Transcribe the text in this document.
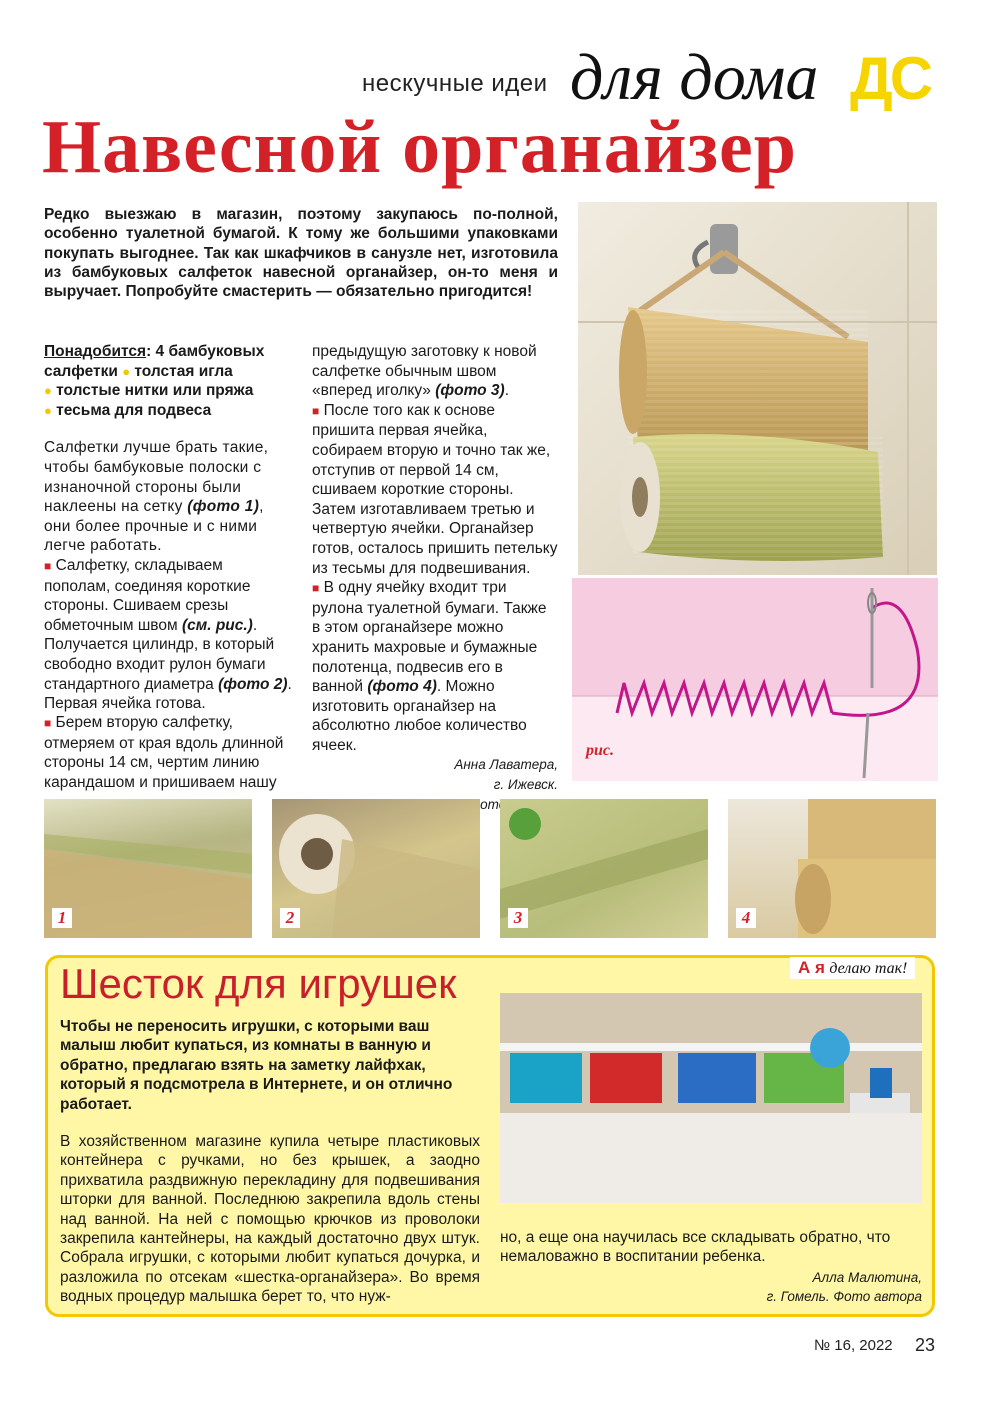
нескучные идеи для дома ДС
Навесной органайзер
Редко выезжаю в магазин, поэтому закупаюсь по-полной, особенно туалетной бумагой. К тому же большими упаковками покупать выгоднее. Так как шкафчиков в санузле нет, изготовила из бамбуковых салфеток навесной органайзер, он-то меня и выручает. Попробуйте смастерить — обязательно пригодится!

Понадобится: 4 бамбуковых салфетки ● толстая игла
● толстые нитки или пряжа
● тесьма для подвеса

Салфетки лучше брать такие, чтобы бамбуковые полоски с изнаночной стороны были наклеены на сетку (фото 1), они более прочные и с ними легче работать.

■ Салфетку, складываем пополам, соединяя короткие стороны. Сшиваем срезы обметочным швом (см. рис.). Получается цилиндр, в который свободно входит рулон бумаги стандартного диаметра (фото 2). Первая ячейка готова.

■ Берем вторую салфетку, отмеряем от края вдоль длинной стороны 14 см, чертим линию карандашом и пришиваем нашу

предыдущую заготовку к новой салфетке обычным швом «вперед иголку» (фото 3).

■ После того как к основе пришита первая ячейка, собираем вторую и точно так же, отступив от первой 14 см, сшиваем короткие стороны. Затем изготавливаем третью и четвертую ячейки. Органайзер готов, осталось пришить петельку из тесьмы для подвешивания.

■ В одну ячейку входит три рулона туалетной бумаги. Также в этом органайзере можно хранить махровые и бумажные полотенца, подвесив его в ванной (фото 4). Можно изготовить органайзер на абсолютно любое количество ячеек.

Анна Лаватера,
г. Ижевск.
Фото
рис.
1	2	3	4
А я делаю так!
Шесток для игрушек
Чтобы не переносить игрушки, с которыми ваш малыш любит купаться, из комнаты в ванную и обратно, предлагаю взять на заметку лайфхак, который я подсмотрела в Интернете, и он отлично работает.
В хозяйственном магазине купила четыре пластиковых контейнера с ручками, но без крышек, а заодно прихватила раздвижную перекладину для подвешивания шторки для ванной. Последнюю закрепила вдоль стены над ванной. На ней с помощью крючков из проволоки закрепила кантейнеры, на каждый достаточно двух штук. Собрала игрушки, с которыми любит купаться дочурка, и разложила по отсекам «шестка-органайзера». Во время водных процедур малышка берет то, что нуж-
но, а еще она научилась все складывать обратно, что немаловажно в воспитании ребенка.
Алла Малютина,
г. Гомель. Фото автора
№ 16, 2022 23
